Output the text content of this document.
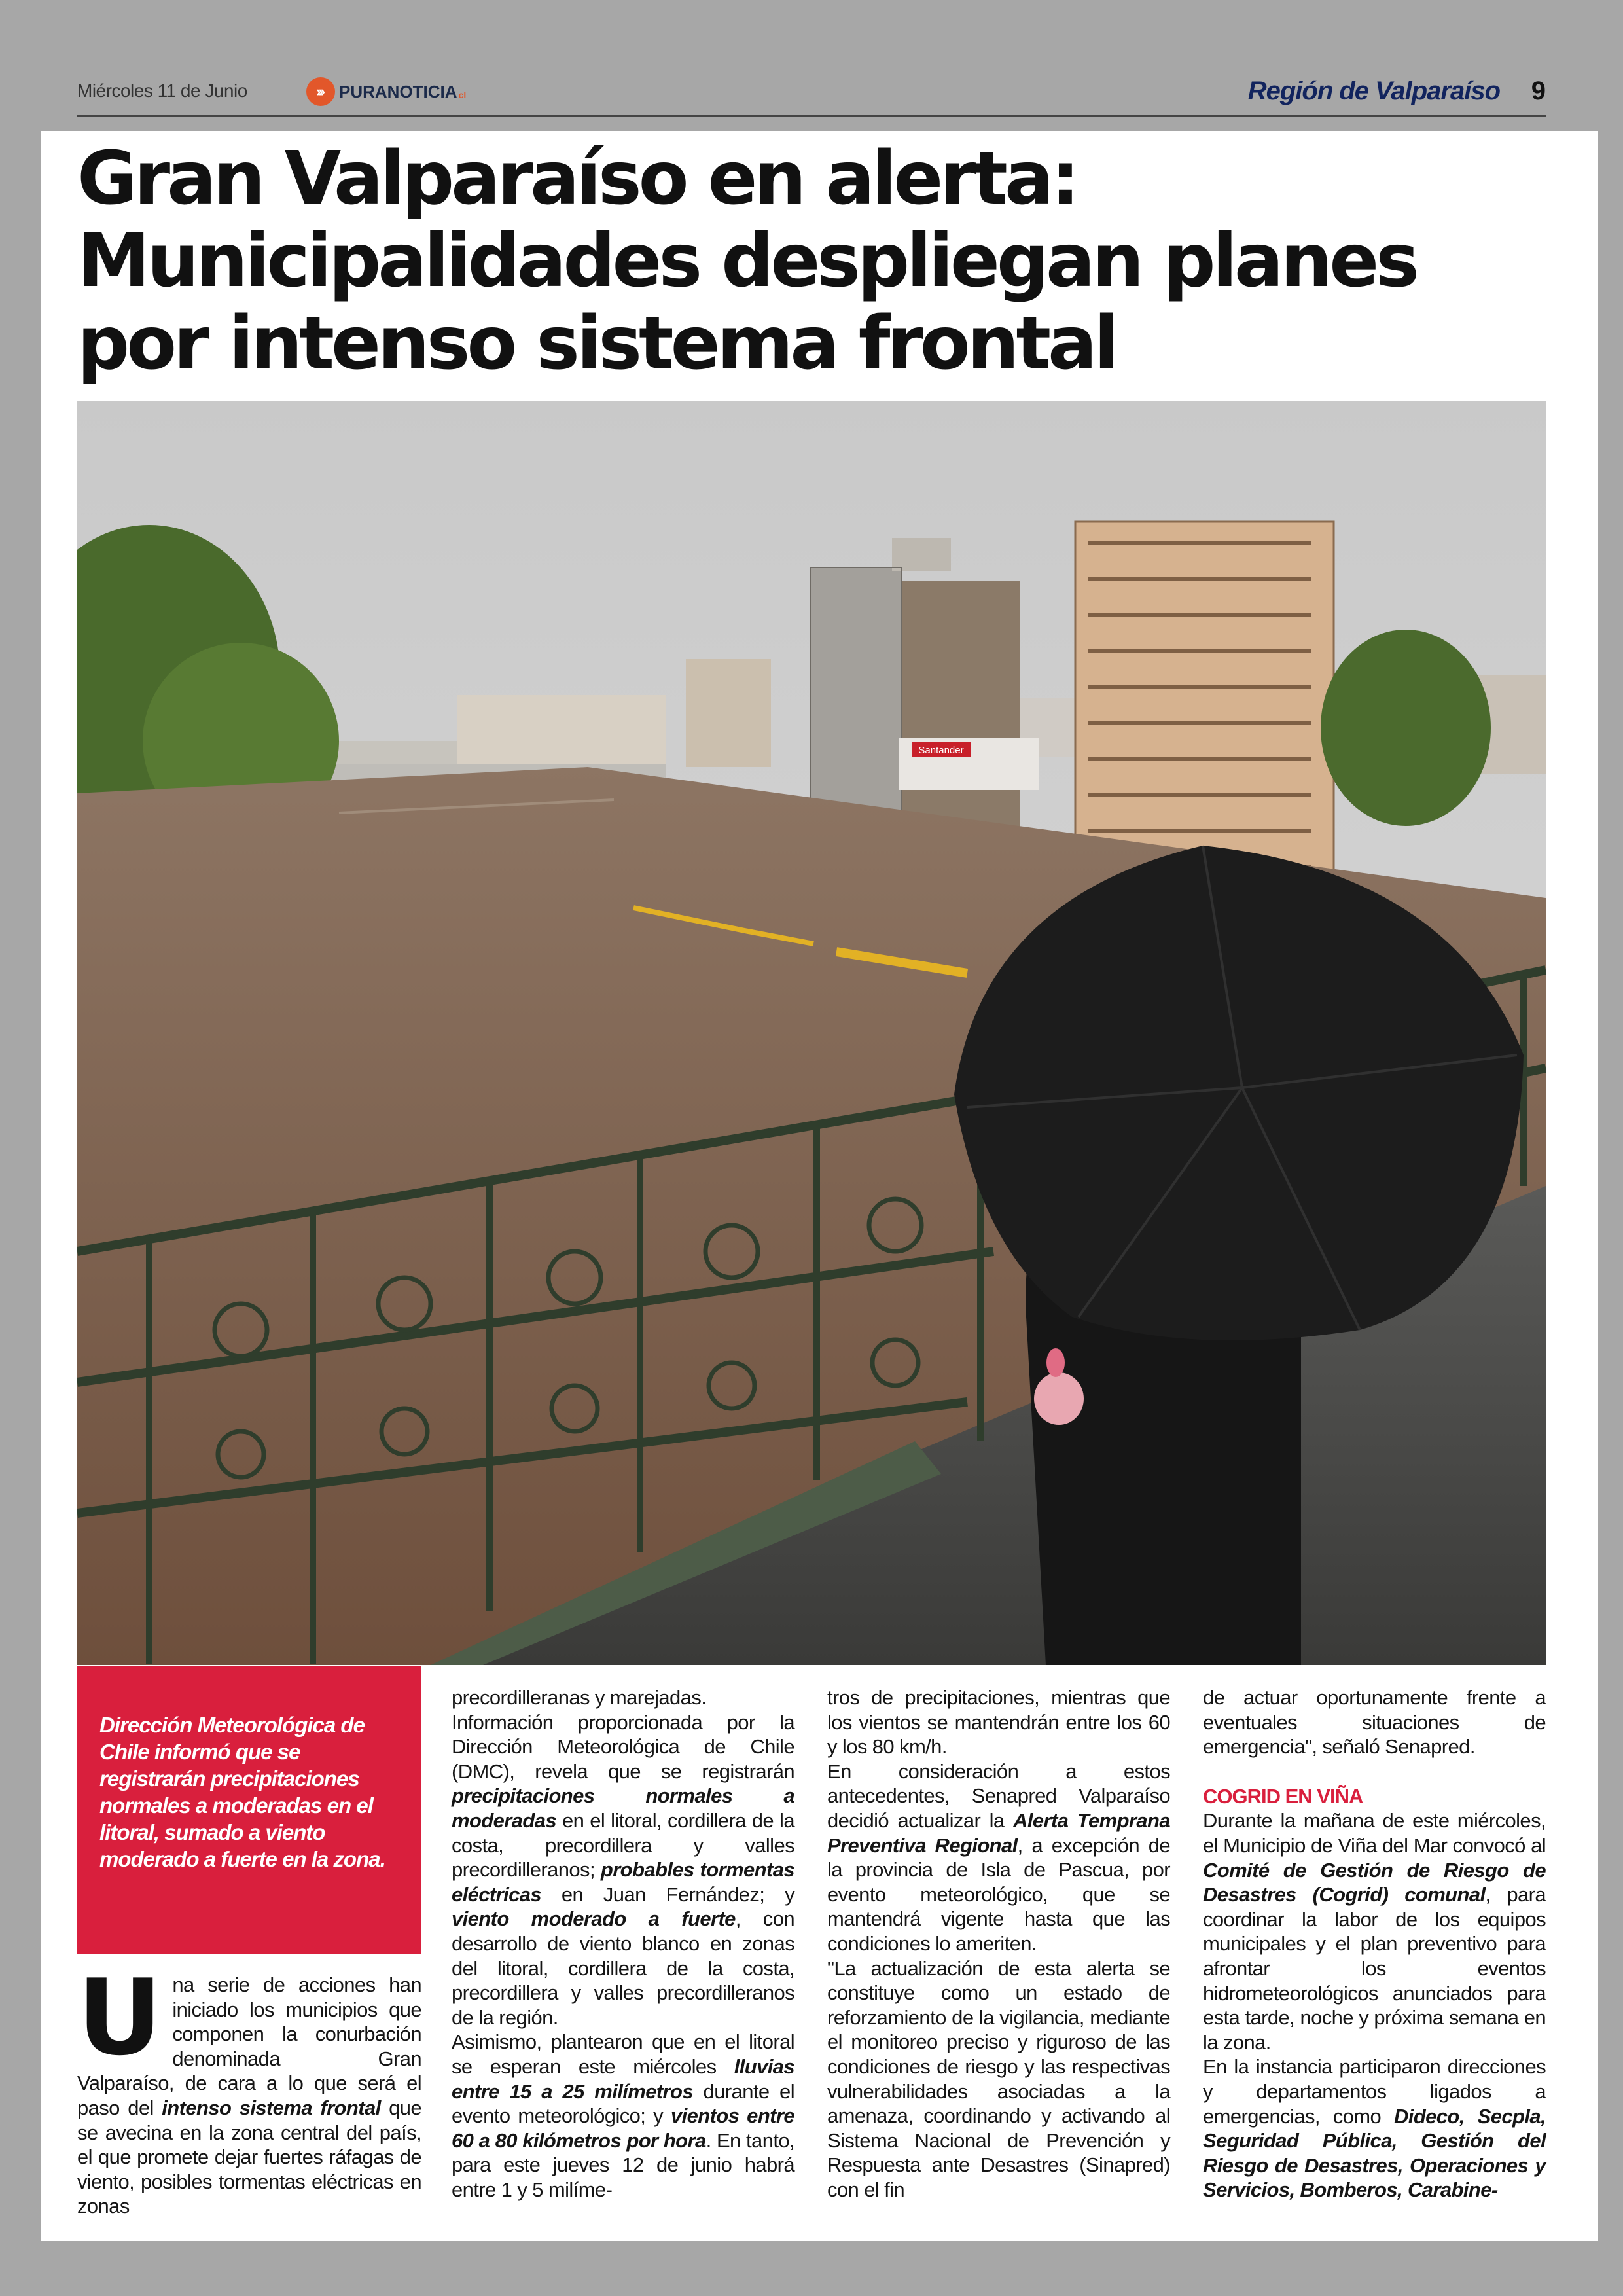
Miércoles 11 de Junio	››› PURANOTICIA cl	Región de Valparaíso 9
Gran Valparaíso en alerta:
Municipalidades despliegan planes
por intenso sistema frontal
Santander

Dirección Meteorológica de Chile informó que se registrarán precipitaciones normales a moderadas en el litoral, sumado a viento moderado a fuerte en la zona.

Una serie de acciones han iniciado los municipios que componen la conurbación denominada Gran Valparaíso, de cara a lo que será el paso del intenso sistema frontal que se avecina en la zona central del país, el que promete dejar fuertes ráfagas de viento, posibles tormentas eléctricas en zonas

precordilleranas y marejadas.

Información proporcionada por la Dirección Meteorológica de Chile (DMC), revela que se registrarán precipitaciones normales a moderadas en el litoral, cordillera de la costa, precordillera y valles precordilleranos; probables tormentas eléctricas en Juan Fernández; y viento moderado a fuerte, con desarrollo de viento blanco en zonas del litoral, cordillera de la costa, precordillera y valles precordilleranos de la región.

Asimismo, plantearon que en el litoral se esperan este miércoles lluvias entre 15 a 25 milímetros durante el evento meteorológico; y vientos entre 60 a 80 kilómetros por hora. En tanto, para este jueves 12 de junio habrá entre 1 y 5 milíme-

tros de precipitaciones, mientras que los vientos se mantendrán entre los 60 y los 80 km/h.

En consideración a estos antecedentes, Senapred Valparaíso decidió actualizar la Alerta Temprana Preventiva Regional, a excepción de la provincia de Isla de Pascua, por evento meteorológico, que se mantendrá vigente hasta que las condiciones lo ameriten.

"La actualización de esta alerta se constituye como un estado de reforzamiento de la vigilancia, mediante el monitoreo preciso y riguroso de las condiciones de riesgo y las respectivas vulnerabilidades asociadas a la amenaza, coordinando y activando al Sistema Nacional de Prevención y Respuesta ante Desastres (Sinapred) con el fin

de actuar oportunamente frente a eventuales situaciones de emergencia", señaló Senapred.

COGRID EN VIÑA

Durante la mañana de este miércoles, el Municipio de Viña del Mar convocó al Comité de Gestión de Riesgo de Desastres (Cogrid) comunal, para coordinar la labor de los equipos municipales y el plan preventivo para afrontar los eventos hidrometeorológicos anunciados para esta tarde, noche y próxima semana en la zona.

En la instancia participaron direcciones y departamentos ligados a emergencias, como Dideco, Secpla, Seguridad Pública, Gestión del Riesgo de Desastres, Operaciones y Servicios, Bomberos, Carabine-
